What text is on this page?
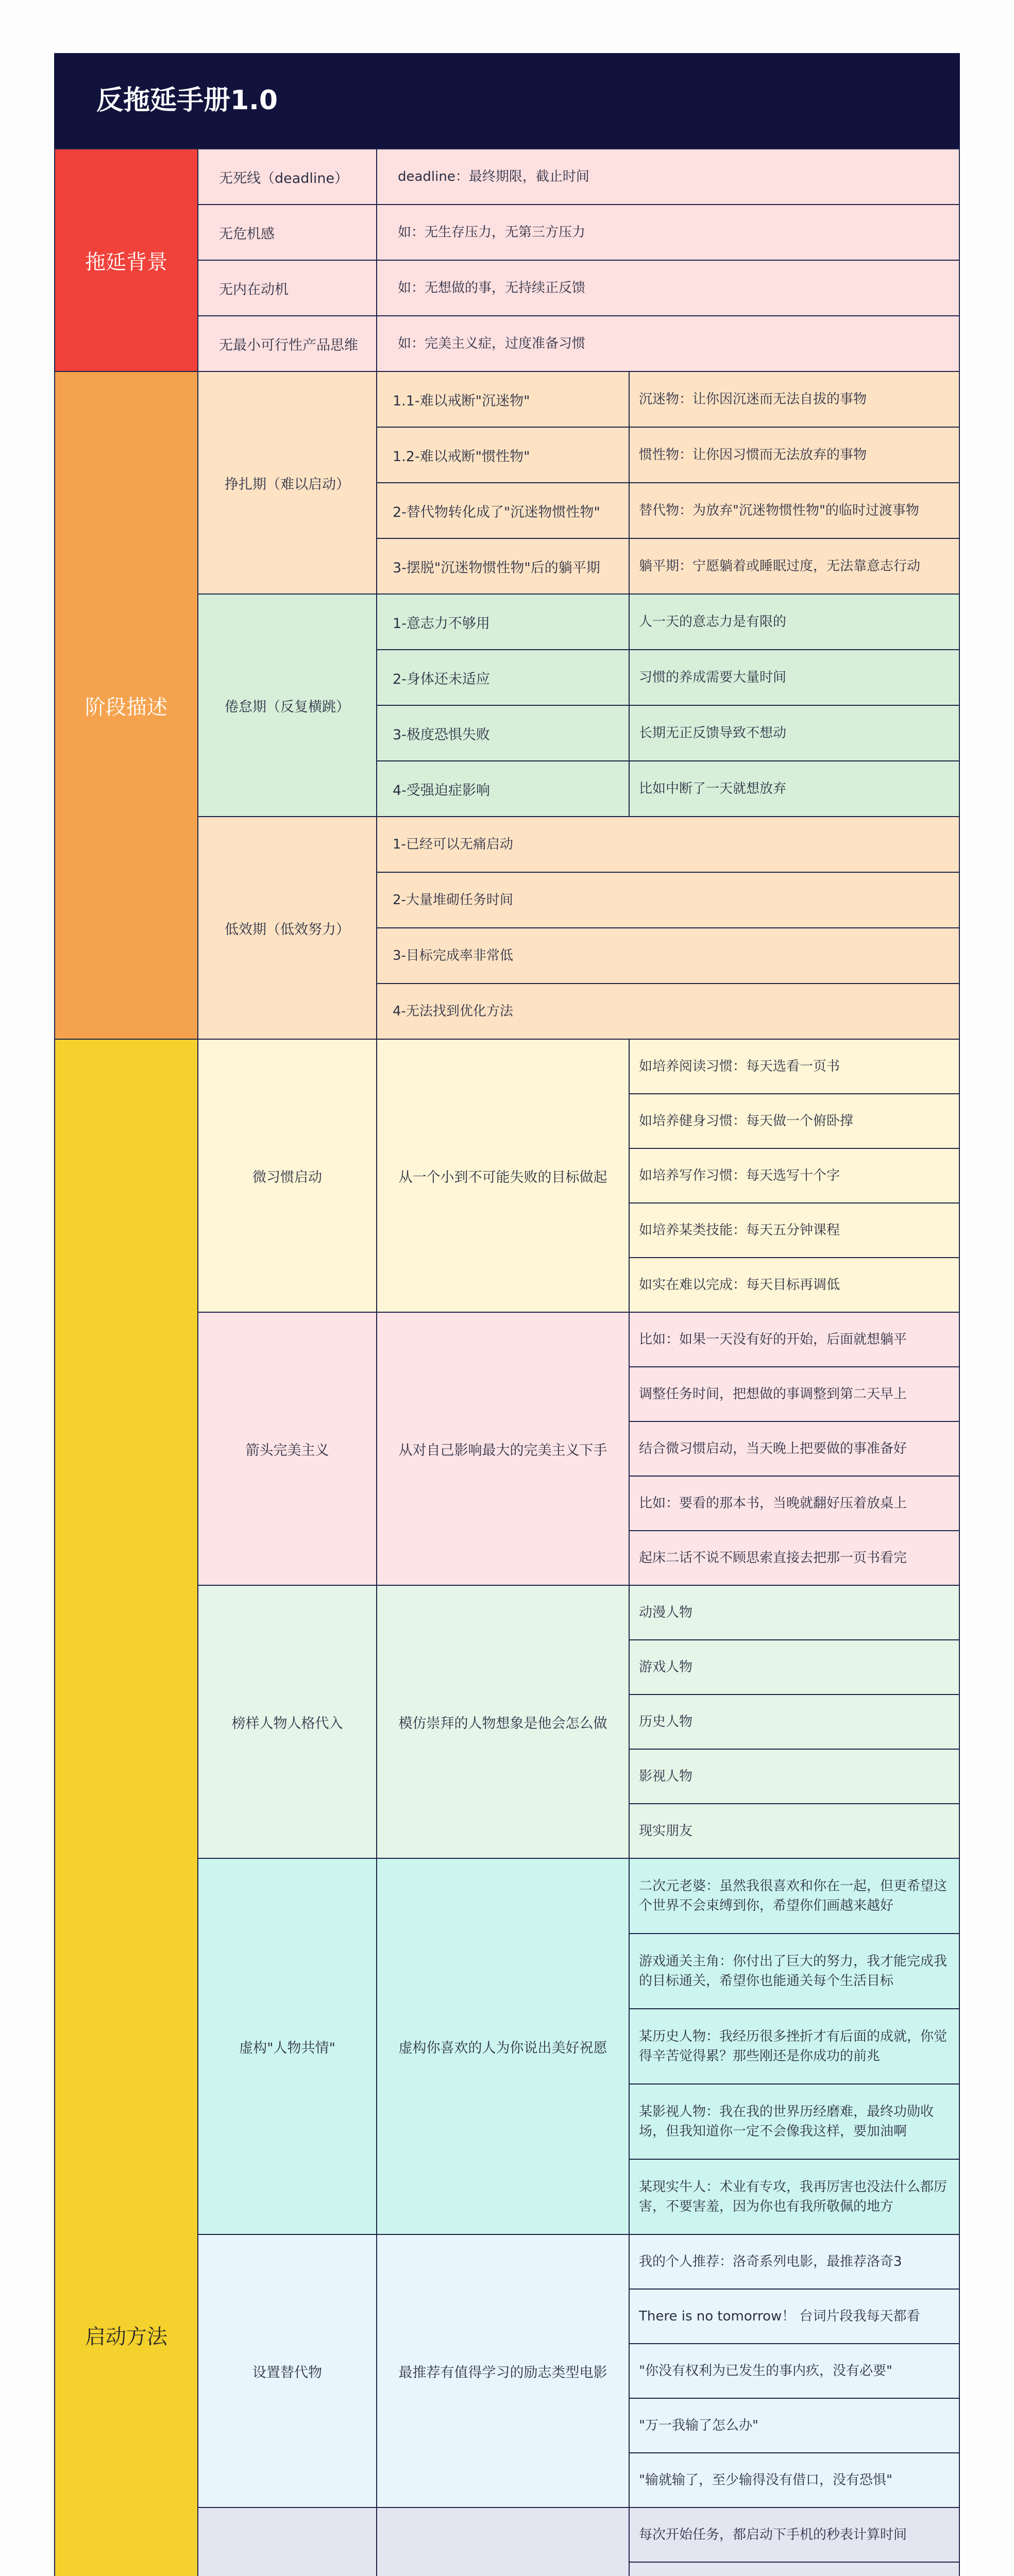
反拖延手册1.0
拖延背景
无死线（deadline）	deadline：最终期限，截止时间
无危机感	如：无生存压力，无第三方压力
无内在动机	如：无想做的事，无持续正反馈
无最小可行性产品思维	如：完美主义症，过度准备习惯
阶段描述
挣扎期（难以启动）
1.1-难以戒断"沉迷物"	沉迷物：让你因沉迷而无法自拔的事物
1.2-难以戒断"惯性物"	惯性物：让你因习惯而无法放弃的事物
2-替代物转化成了"沉迷物惯性物"	替代物：为放弃"沉迷物惯性物"的临时过渡事物
3-摆脱"沉迷物惯性物"后的躺平期	躺平期：宁愿躺着或睡眠过度，无法靠意志行动
倦怠期（反复横跳）
1-意志力不够用	人一天的意志力是有限的
2-身体还未适应	习惯的养成需要大量时间
3-极度恐惧失败	长期无正反馈导致不想动
4-受强迫症影响	比如中断了一天就想放弃
低效期（低效努力）
1-已经可以无痛启动
2-大量堆砌任务时间
3-目标完成率非常低
4-无法找到优化方法
启动方法
微习惯启动	从一个小到不可能失败的目标做起
如培养阅读习惯：每天选看一页书
如培养健身习惯：每天做一个俯卧撑
如培养写作习惯：每天选写十个字
如培养某类技能：每天五分钟课程
如实在难以完成：每天目标再调低
箭头完美主义	从对自己影响最大的完美主义下手
比如：如果一天没有好的开始，后面就想躺平
调整任务时间，把想做的事调整到第二天早上
结合微习惯启动，当天晚上把要做的事准备好
比如：要看的那本书，当晚就翻好压着放桌上
起床二话不说不顾思索直接去把那一页书看完
榜样人物人格代入	模仿崇拜的人物想象是他会怎么做
动漫人物
游戏人物
历史人物
影视人物
现实朋友
虚构"人物共情"	虚构你喜欢的人为你说出美好祝愿
二次元老婆：虽然我很喜欢和你在一起，但更希望这个世界不会束缚到你，希望你们画越来越好
游戏通关主角：你付出了巨大的努力，我才能完成我的目标通关，希望你也能通关每个生活目标
某历史人物：我经历很多挫折才有后面的成就，你觉得辛苦觉得累？那些刚还是你成功的前兆
某影视人物：我在我的世界历经磨难，最终功勋收场，但我知道你一定不会像我这样，要加油啊
某现实牛人：术业有专攻，我再厉害也没法什么都厉害，不要害羞，因为你也有我所敬佩的地方
设置替代物	最推荐有值得学习的励志类型电影
我的个人推荐：洛奇系列电影，最推荐洛奇3
There is no tomorrow！ 台词片段我每天都看
"你没有权利为已发生的事内疚，没有必要"
"万一我输了怎么办"
"输就输了，至少输得没有借口，没有恐惧"
每次开始任务，都启动下手机的秒表计算时间
